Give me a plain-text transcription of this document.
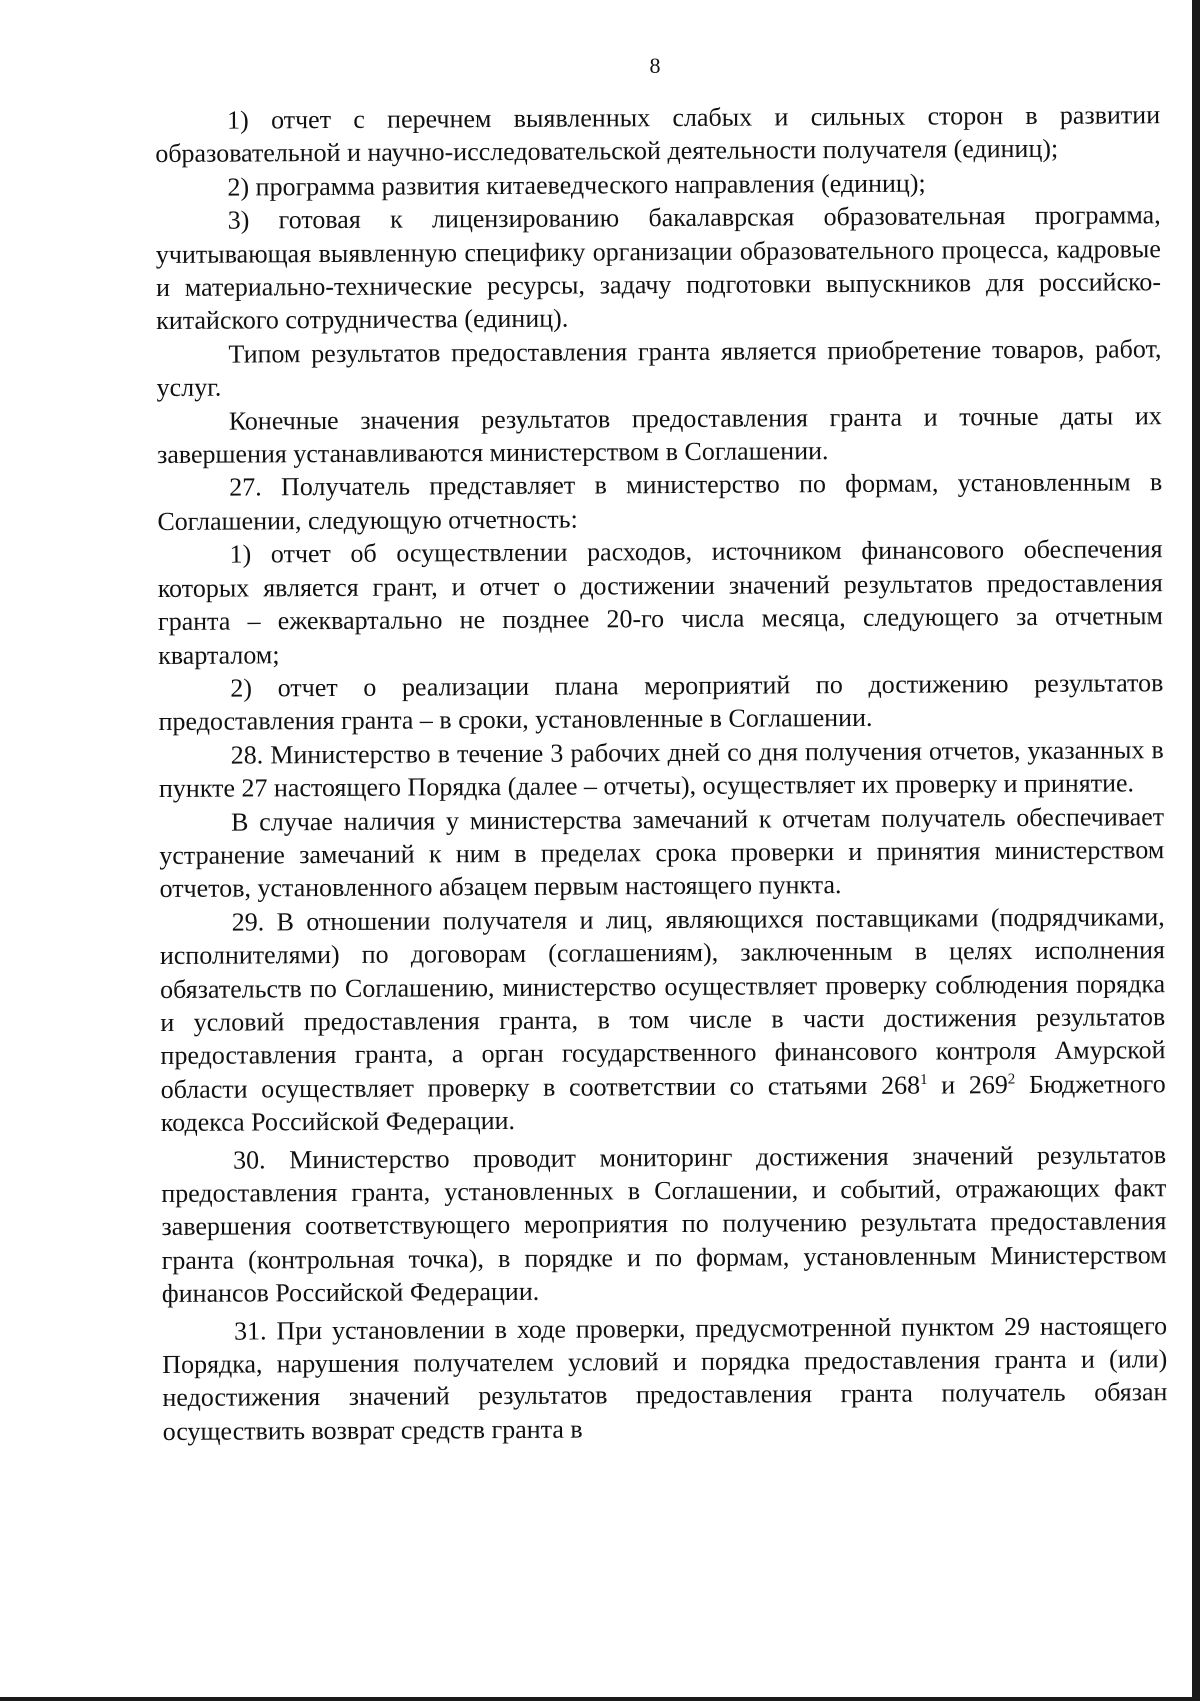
8

1) отчет с перечнем выявленных слабых и сильных сторон в развитии образовательной и научно-исследовательской деятельности получателя (единиц);

2) программа развития китаеведческого направления (единиц);

3) готовая к лицензированию бакалаврская образовательная программа, учитывающая выявленную специфику организации образовательного процесса, кадровые и материально-технические ресурсы, задачу подготовки выпускников для российско-китайского сотрудничества (единиц).

Типом результатов предоставления гранта является приобретение товаров, работ, услуг.

Конечные значения результатов предоставления гранта и точные даты их завершения устанавливаются министерством в Соглашении.

27. Получатель представляет в министерство по формам, установленным в Соглашении, следующую отчетность:

1) отчет об осуществлении расходов, источником финансового обеспечения которых является грант, и отчет о достижении значений результатов предоставления гранта – ежеквартально не позднее 20-го числа месяца, следующего за отчетным кварталом;

2) отчет о реализации плана мероприятий по достижению результатов предоставления гранта – в сроки, установленные в Соглашении.

28. Министерство в течение 3 рабочих дней со дня получения отчетов, указанных в пункте 27 настоящего Порядка (далее – отчеты), осуществляет их проверку и принятие.

В случае наличия у министерства замечаний к отчетам получатель обеспечивает устранение замечаний к ним в пределах срока проверки и принятия министерством отчетов, установленного абзацем первым настоящего пункта.

29. В отношении получателя и лиц, являющихся поставщиками (подрядчиками, исполнителями) по договорам (соглашениям), заключенным в целях исполнения обязательств по Соглашению, министерство осуществляет проверку соблюдения порядка и условий предоставления гранта, в том числе в части достижения результатов предоставления гранта, а орган государственного финансового контроля Амурской области осуществляет проверку в соответствии со статьями $268^1$ и $269^2$ Бюджетного кодекса Российской Федерации.

30. Министерство проводит мониторинг достижения значений результатов предоставления гранта, установленных в Соглашении, и событий, отражающих факт завершения соответствующего мероприятия по получению результата предоставления гранта (контрольная точка), в порядке и по формам, установленным Министерством финансов Российской Федерации.

31. При установлении в ходе проверки, предусмотренной пунктом 29 настоящего Порядка, нарушения получателем условий и порядка предоставления гранта и (или) недостижения значений результатов предоставления гранта получатель обязан осуществить возврат средств гранта в
